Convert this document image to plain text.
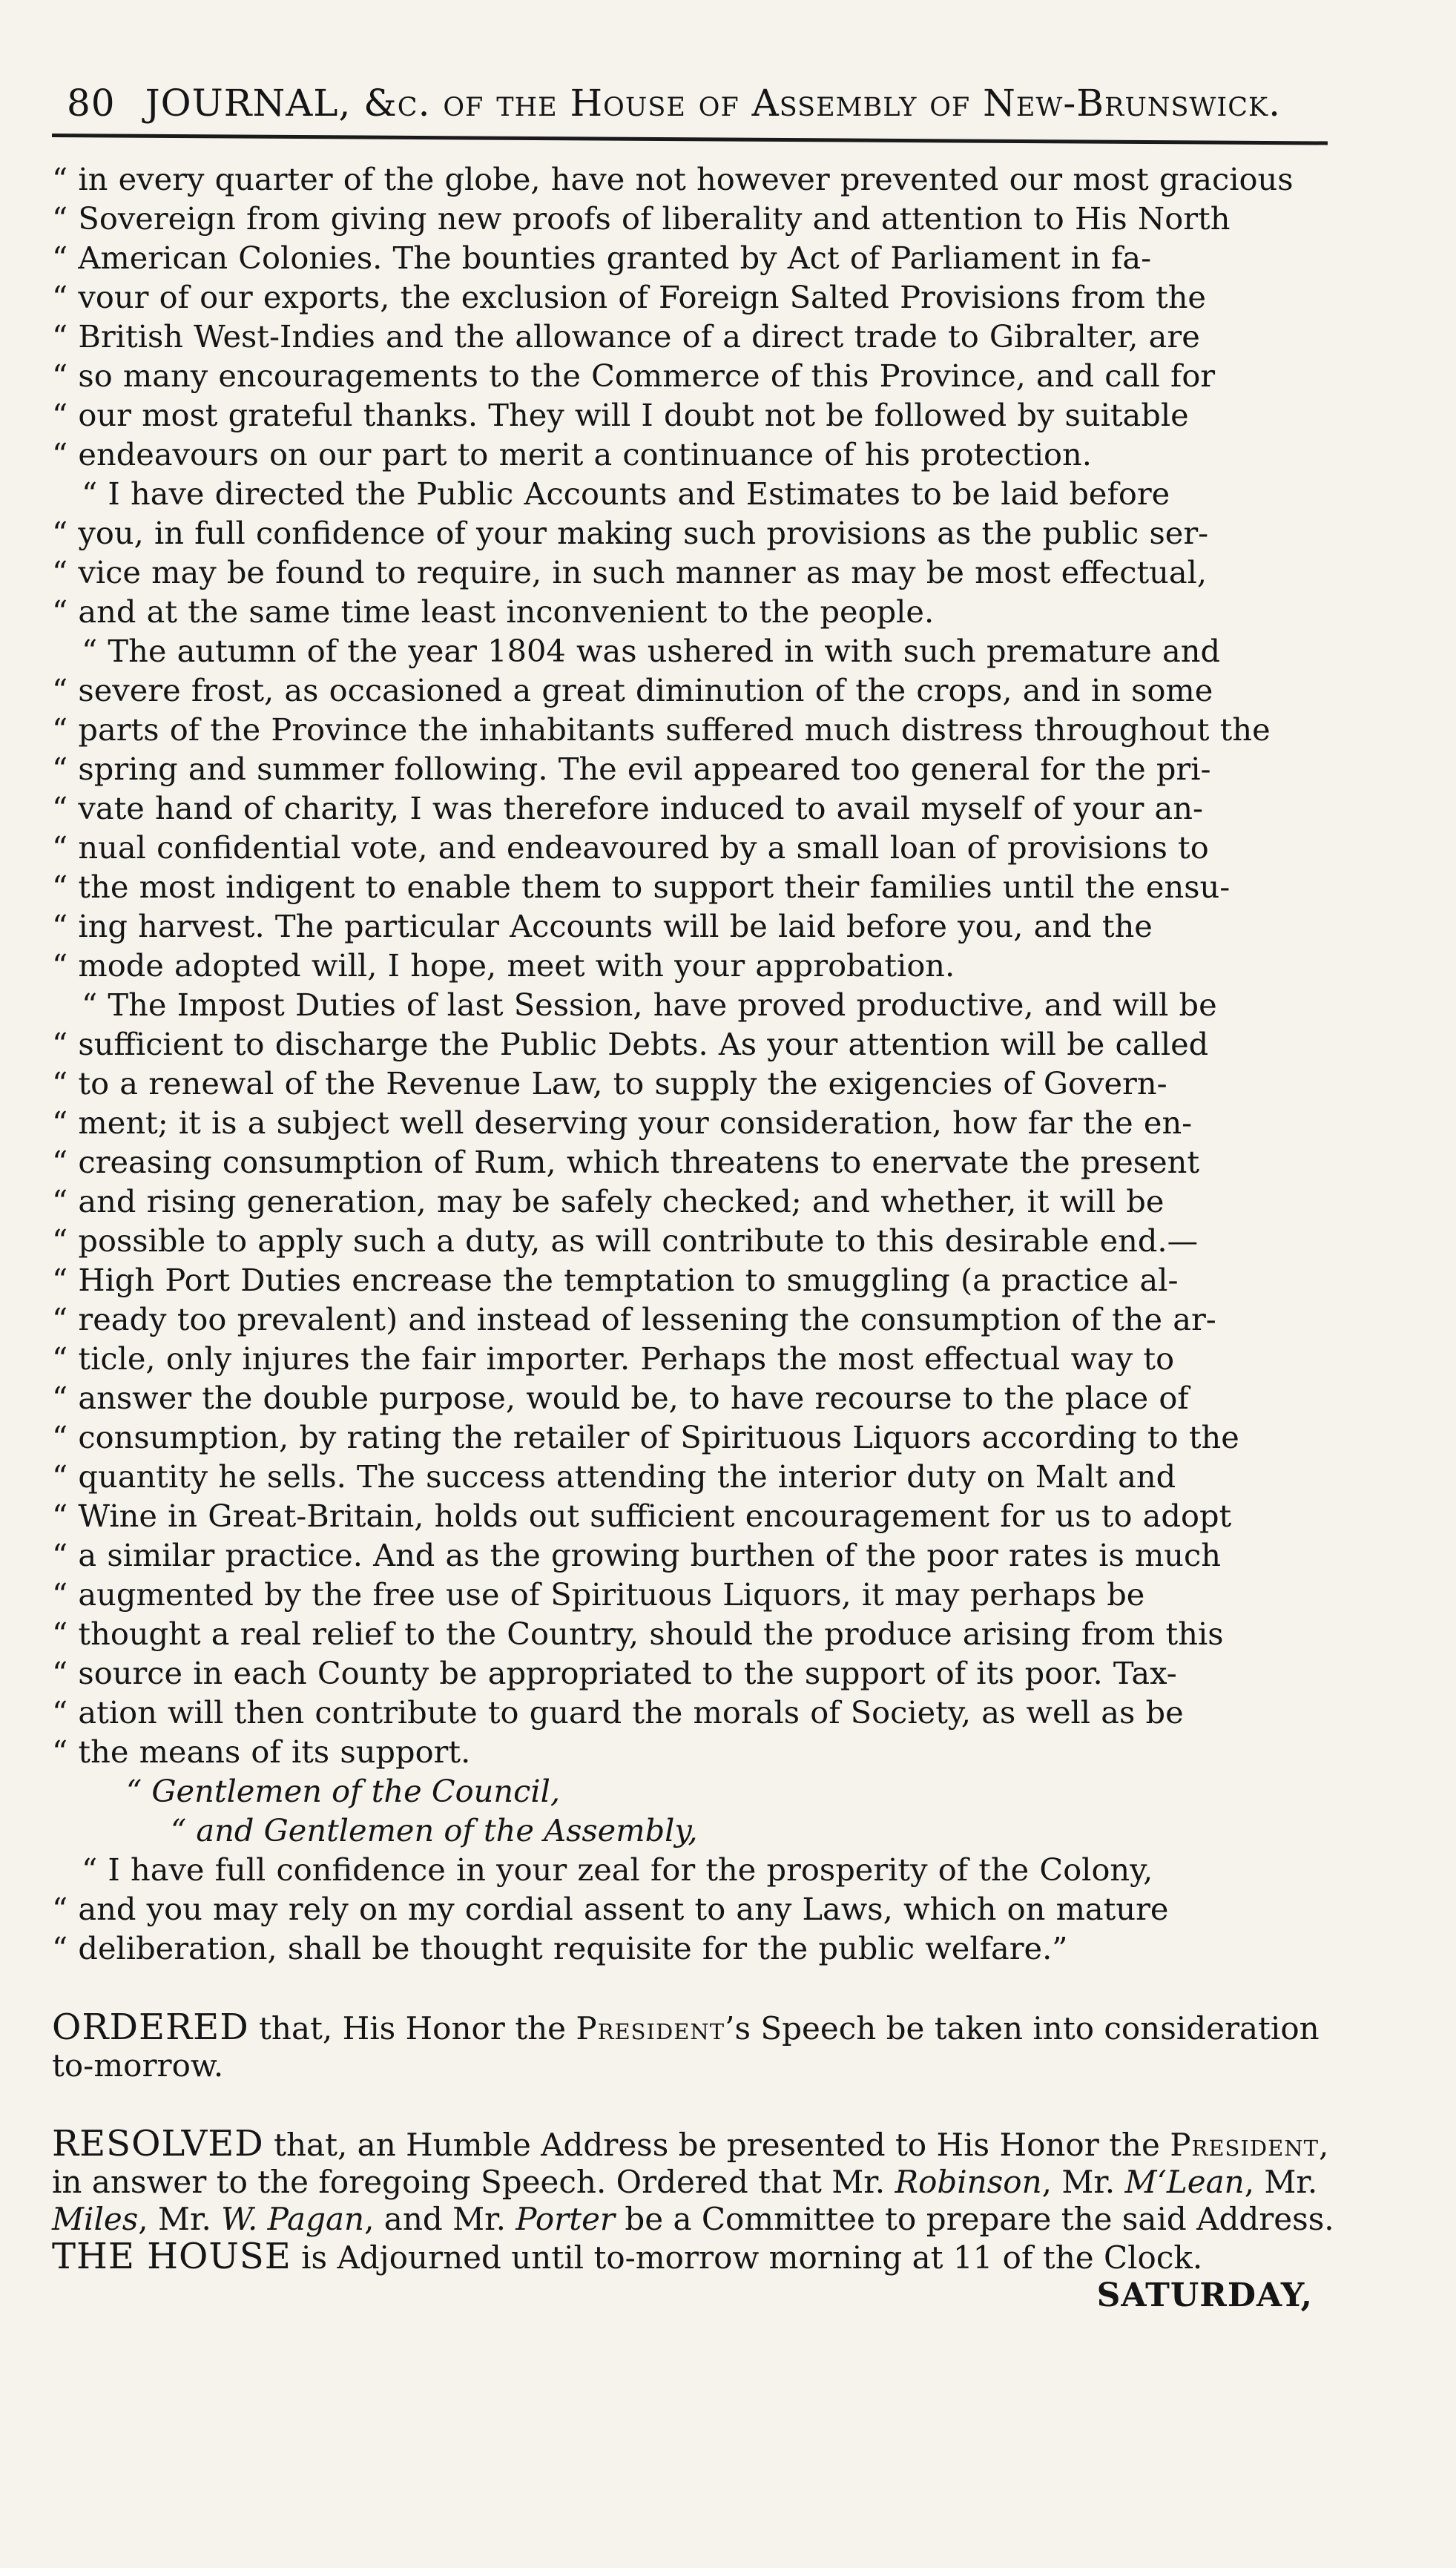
80 JOURNAL, &c. of the House of Assembly of New-Brunswick.
“ in every quarter of the globe, have not however prevented our most gracious
“ Sovereign from giving new proofs of liberality and attention to His North
“ American Colonies. The bounties granted by Act of Parliament in fa-
“ vour of our exports, the exclusion of Foreign Salted Provisions from the
“ British West-Indies and the allowance of a direct trade to Gibralter, are
“ so many encouragements to the Commerce of this Province, and call for
“ our most grateful thanks. They will I doubt not be followed by suitable
“ endeavours on our part to merit a continuance of his protection.
“ I have directed the Public Accounts and Estimates to be laid before
“ you, in full confidence of your making such provisions as the public ser-
“ vice may be found to require, in such manner as may be most effectual,
“ and at the same time least inconvenient to the people.
“ The autumn of the year 1804 was ushered in with such premature and
“ severe frost, as occasioned a great diminution of the crops, and in some
“ parts of the Province the inhabitants suffered much distress throughout the
“ spring and summer following. The evil appeared too general for the pri-
“ vate hand of charity, I was therefore induced to avail myself of your an-
“ nual confidential vote, and endeavoured by a small loan of provisions to
“ the most indigent to enable them to support their families until the ensu-
“ ing harvest. The particular Accounts will be laid before you, and the
“ mode adopted will, I hope, meet with your approbation.
“ The Impost Duties of last Session, have proved productive, and will be
“ sufficient to discharge the Public Debts. As your attention will be called
“ to a renewal of the Revenue Law, to supply the exigencies of Govern-
“ ment; it is a subject well deserving your consideration, how far the en-
“ creasing consumption of Rum, which threatens to enervate the present
“ and rising generation, may be safely checked; and whether, it will be
“ possible to apply such a duty, as will contribute to this desirable end.—
“ High Port Duties encrease the temptation to smuggling (a practice al-
“ ready too prevalent) and instead of lessening the consumption of the ar-
“ ticle, only injures the fair importer. Perhaps the most effectual way to
“ answer the double purpose, would be, to have recourse to the place of
“ consumption, by rating the retailer of Spirituous Liquors according to the
“ quantity he sells. The success attending the interior duty on Malt and
“ Wine in Great-Britain, holds out sufficient encouragement for us to adopt
“ a similar practice. And as the growing burthen of the poor rates is much
“ augmented by the free use of Spirituous Liquors, it may perhaps be
“ thought a real relief to the Country, should the produce arising from this
“ source in each County be appropriated to the support of its poor. Tax-
“ ation will then contribute to guard the morals of Society, as well as be
“ the means of its support.

“ Gentlemen of the Council,

“ and Gentlemen of the Assembly,

“ I have full confidence in your zeal for the prosperity of the Colony,
“ and you may rely on my cordial assent to any Laws, which on mature
“ deliberation, shall be thought requisite for the public welfare.”

ORDERED that, His Honor the President’s Speech be taken into consideration to-morrow.

RESOLVED that, an Humble Address be presented to His Honor the President, in answer to the foregoing Speech. Ordered that Mr. Robinson, Mr. M‘Lean, Mr. Miles, Mr. W. Pagan, and Mr. Porter be a Committee to prepare the said Address.

THE HOUSE is Adjourned until to-morrow morning at 11 of the Clock.

SATURDAY,
